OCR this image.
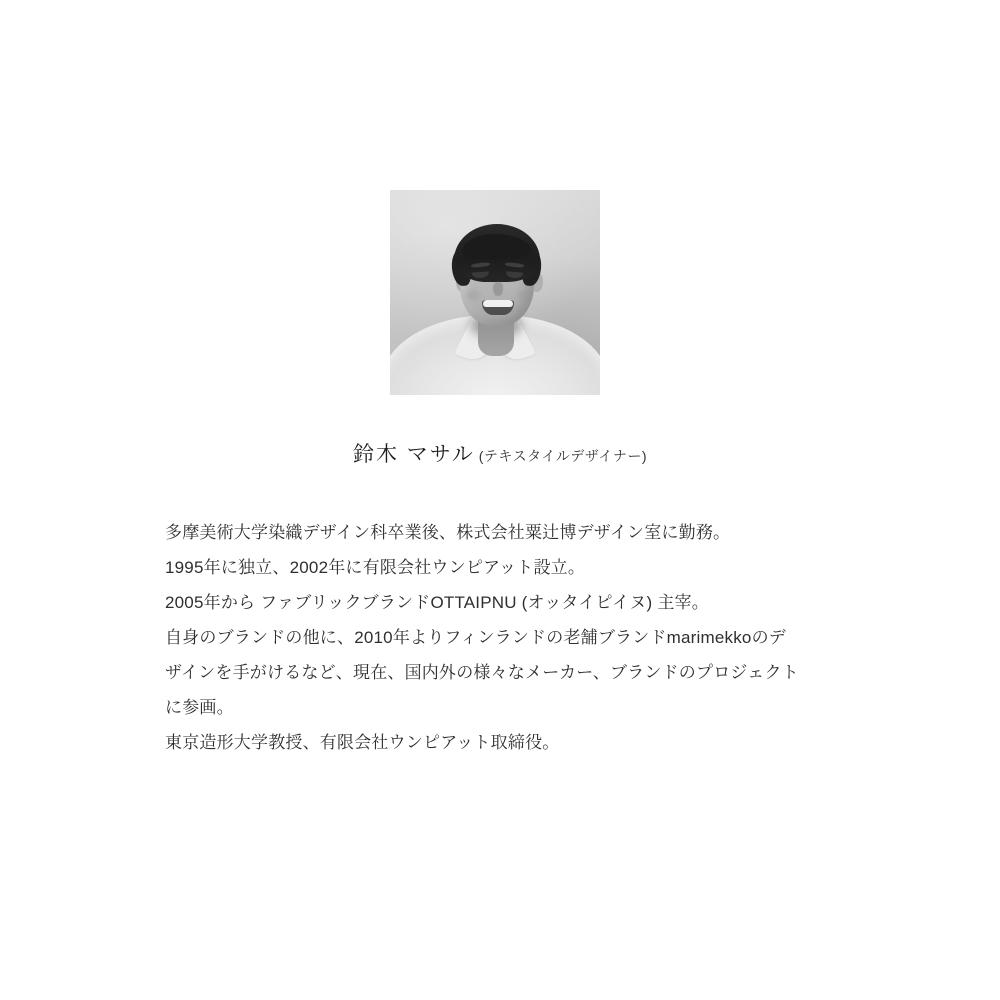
鈴木 マサル (テキスタイルデザイナー)

多摩美術大学染織デザイン科卒業後、株式会社粟辻博デザイン室に勤務。

1995年に独立、2002年に有限会社ウンピアット設立。

2005年から ファブリックブランドOTTAIPNU (オッタイピイヌ) 主宰。

自身のブランドの他に、2010年よりフィンランドの老舗ブランドmarimekkoのデ

ザインを手がけるなど、現在、国内外の様々なメーカー、ブランドのプロジェクト

に参画。

東京造形大学教授、有限会社ウンピアット取締役。
